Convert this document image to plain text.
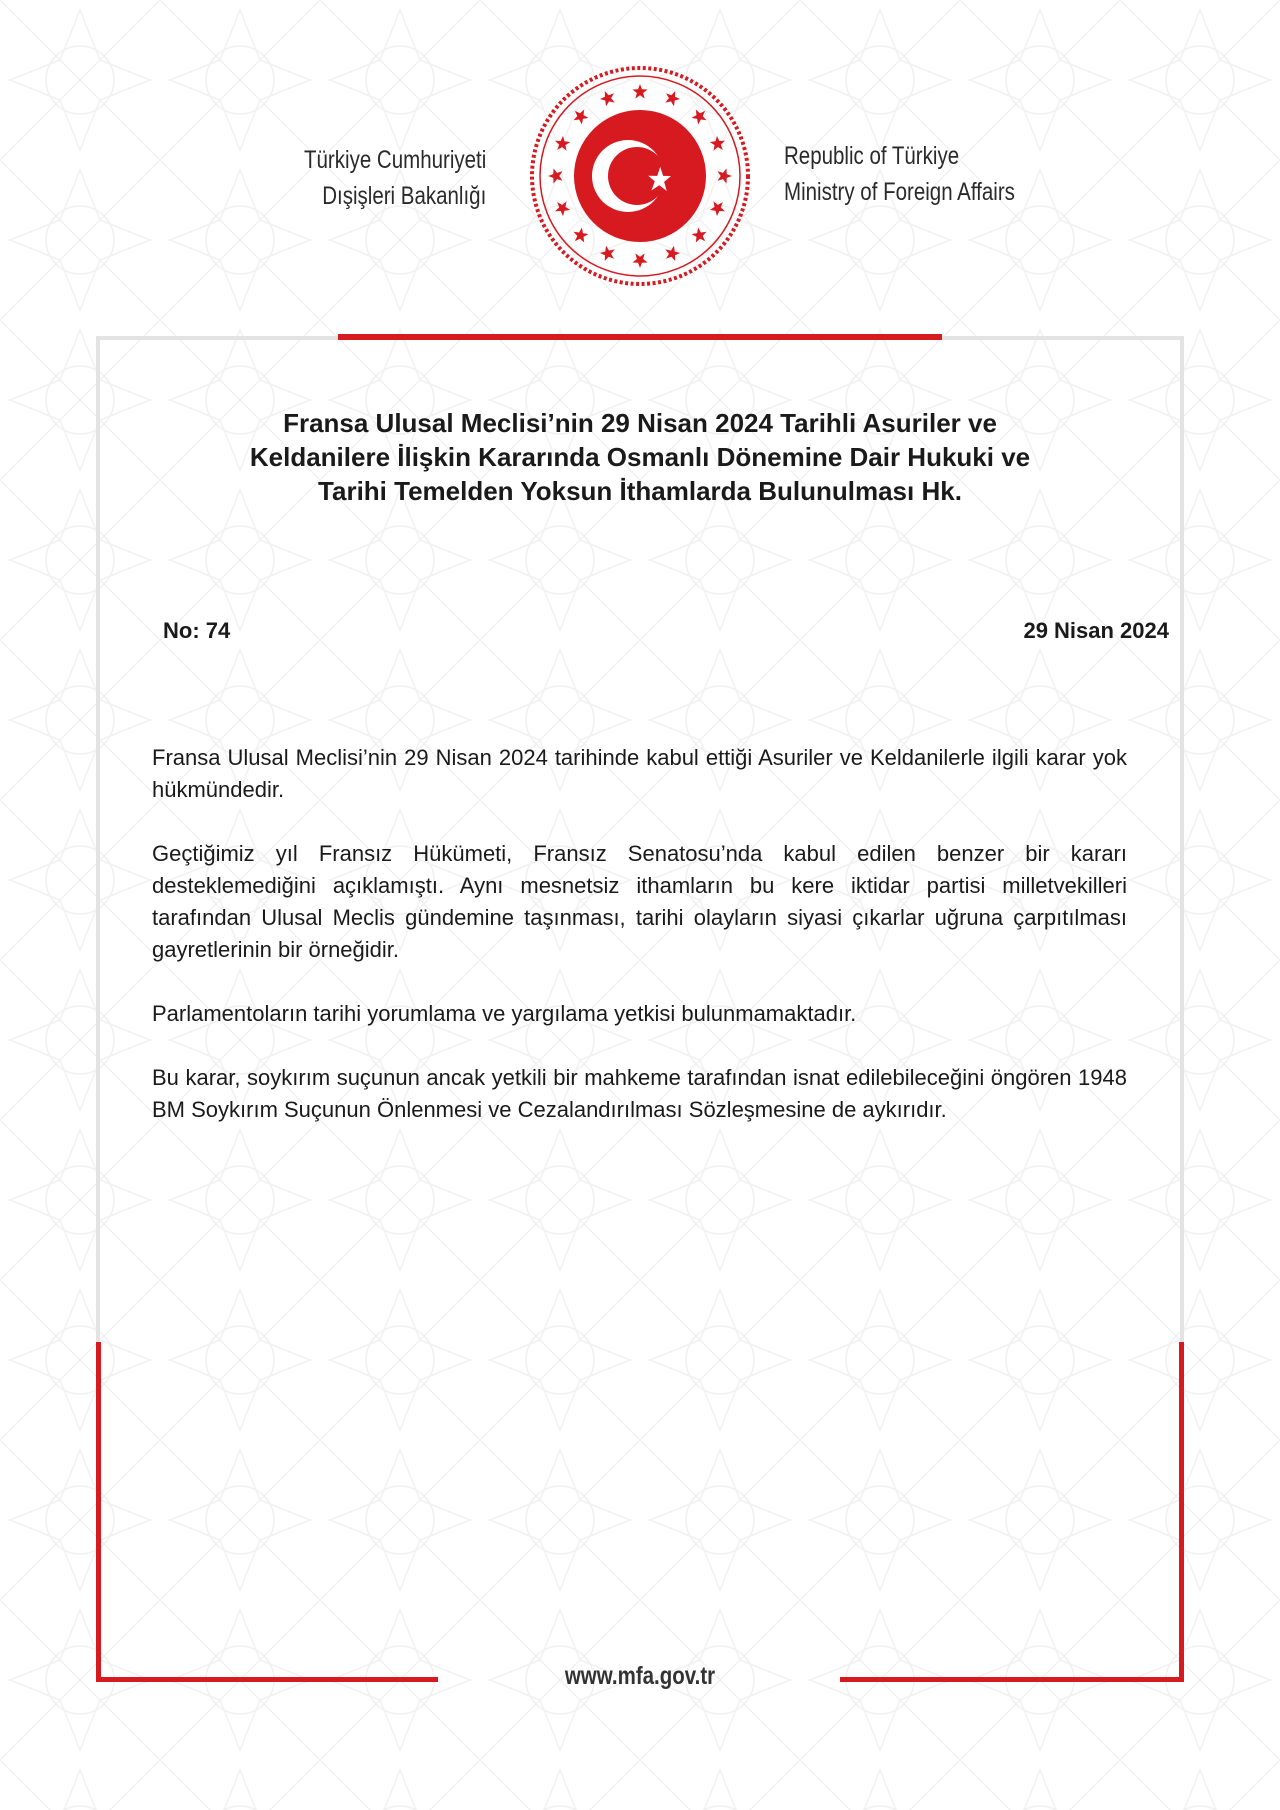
Türkiye Cumhuriyeti
Dışişleri Bakanlığı
Republic of Türkiye
Ministry of Foreign Affairs
Fransa Ulusal Meclisi’nin 29 Nisan 2024 Tarihli Asuriler ve
Keldanilere İlişkin Kararında Osmanlı Dönemine Dair Hukuki ve
Tarihi Temelden Yoksun İthamlarda Bulunulması Hk.
No: 74	29 Nisan 2024

Fransa Ulusal Meclisi’nin 29 Nisan 2024 tarihinde kabul ettiği Asuriler ve Keldanilerle ilgili karar yok hükmündedir.

Geçtiğimiz yıl Fransız Hükümeti, Fransız Senatosu’nda kabul edilen benzer bir kararı desteklemediğini açıklamıştı. Aynı mesnetsiz ithamların bu kere iktidar partisi milletvekilleri tarafından Ulusal Meclis gündemine taşınması, tarihi olayların siyasi çıkarlar uğruna çarpıtılması gayretlerinin bir örneğidir.

Parlamentoların tarihi yorumlama ve yargılama yetkisi bulunmamaktadır.

Bu karar, soykırım suçunun ancak yetkili bir mahkeme tarafından isnat edilebileceğini öngören 1948 BM Soykırım Suçunun Önlenmesi ve Cezalandırılması Sözleşmesine de aykırıdır.

www.mfa.gov.tr
